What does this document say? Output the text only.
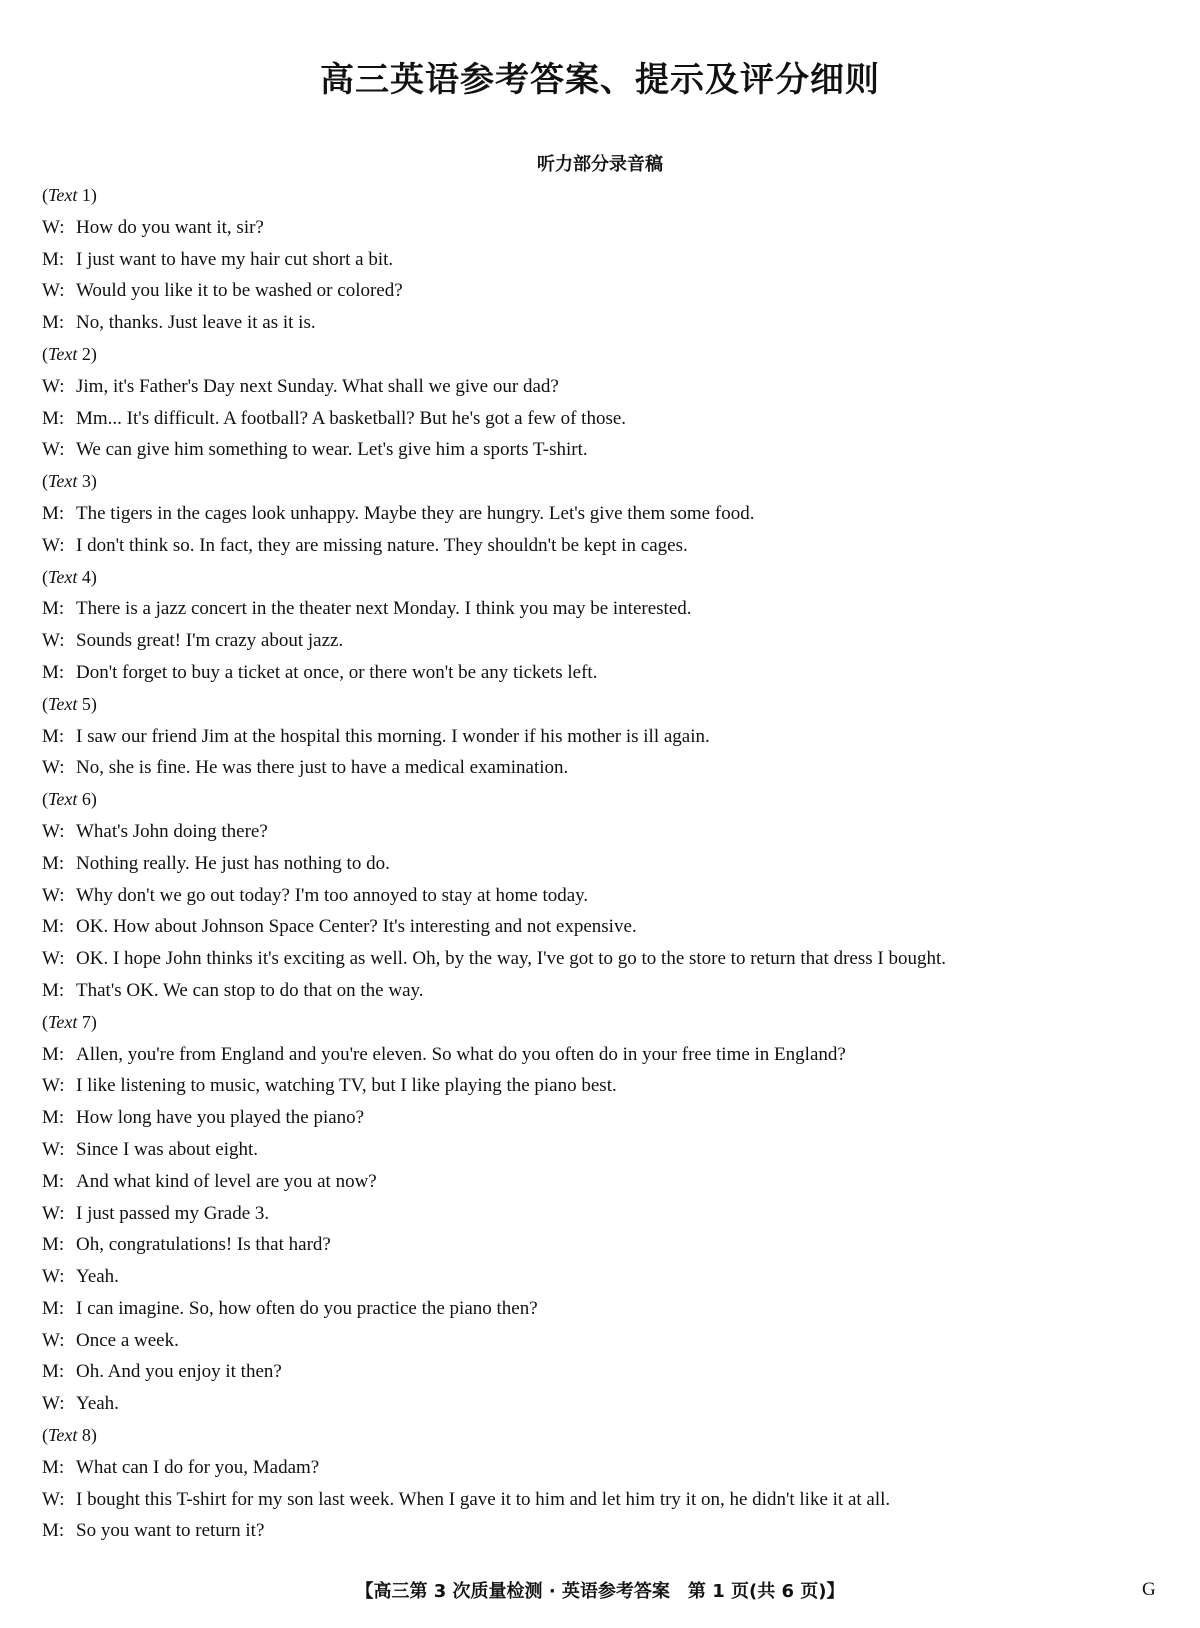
高三英语参考答案、提示及评分细则
听力部分录音稿
(Text 1)
W: How do you want it, sir?
M: I just want to have my hair cut short a bit.
W: Would you like it to be washed or colored?
M: No, thanks. Just leave it as it is.
(Text 2)
W: Jim, it's Father's Day next Sunday. What shall we give our dad?
M: Mm... It's difficult. A football? A basketball? But he's got a few of those.
W: We can give him something to wear. Let's give him a sports T-shirt.
(Text 3)
M: The tigers in the cages look unhappy. Maybe they are hungry. Let's give them some food.
W: I don't think so. In fact, they are missing nature. They shouldn't be kept in cages.
(Text 4)
M: There is a jazz concert in the theater next Monday. I think you may be interested.
W: Sounds great! I'm crazy about jazz.
M: Don't forget to buy a ticket at once, or there won't be any tickets left.
(Text 5)
M: I saw our friend Jim at the hospital this morning. I wonder if his mother is ill again.
W: No, she is fine. He was there just to have a medical examination.
(Text 6)
W: What's John doing there?
M: Nothing really. He just has nothing to do.
W: Why don't we go out today? I'm too annoyed to stay at home today.
M: OK. How about Johnson Space Center? It's interesting and not expensive.
W: OK. I hope John thinks it's exciting as well. Oh, by the way, I've got to go to the store to return that dress I bought.
M: That's OK. We can stop to do that on the way.
(Text 7)
M: Allen, you're from England and you're eleven. So what do you often do in your free time in England?
W: I like listening to music, watching TV, but I like playing the piano best.
M: How long have you played the piano?
W: Since I was about eight.
M: And what kind of level are you at now?
W: I just passed my Grade 3.
M: Oh, congratulations! Is that hard?
W: Yeah.
M: I can imagine. So, how often do you practice the piano then?
W: Once a week.
M: Oh. And you enjoy it then?
W: Yeah.
(Text 8)
M: What can I do for you, Madam?
W: I bought this T-shirt for my son last week. When I gave it to him and let him try it on, he didn't like it at all.
M: So you want to return it?
【高三第 3 次质量检测 · 英语参考答案　第 1 页(共 6 页)】	G
